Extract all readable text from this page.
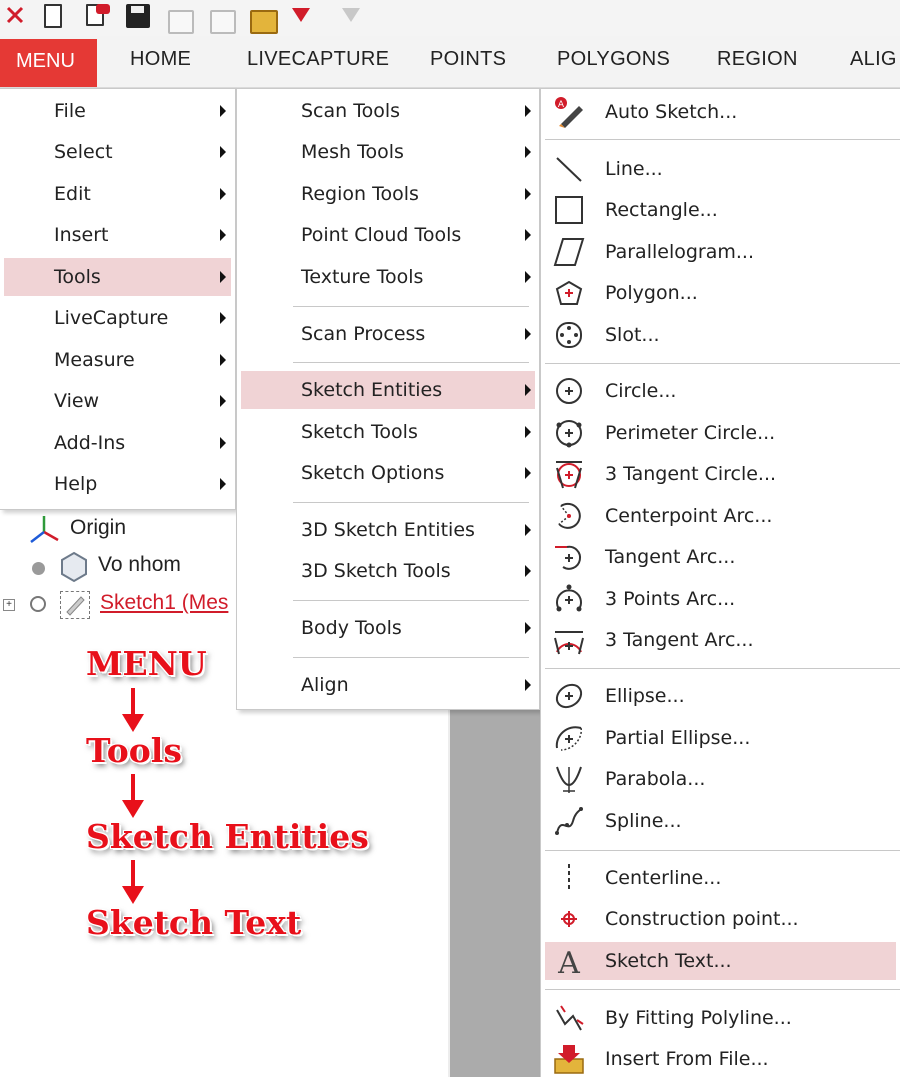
MENU	HOME	LIVECAPTURE POINTS	POLYGONS REGION	ALIG
Origin
Vo nhom
+	Sketch1 (Mes
MENU
Tools
Sketch Entities
Sketch Text
File
Select
Edit
Insert
Tools
LiveCapture
Measure
View
Add-Ins
Help
Scan Tools
Mesh Tools
Region Tools
Point Cloud Tools
Texture Tools
Scan Process
Sketch Entities
Sketch Tools
Sketch Options
3D Sketch Entities
3D Sketch Tools
Body Tools
Align
A Auto Sketch...
Line...
Rectangle...
Parallelogram...
Polygon...
Slot...
Circle...
Perimeter Circle...
3 Tangent Circle...
Centerpoint Arc...
Tangent Arc...
3 Points Arc...
3 Tangent Arc...
Ellipse...
Partial Ellipse...
Parabola...
Spline...
Centerline...
Construction point...
A Sketch Text...
By Fitting Polyline...
Insert From File...
